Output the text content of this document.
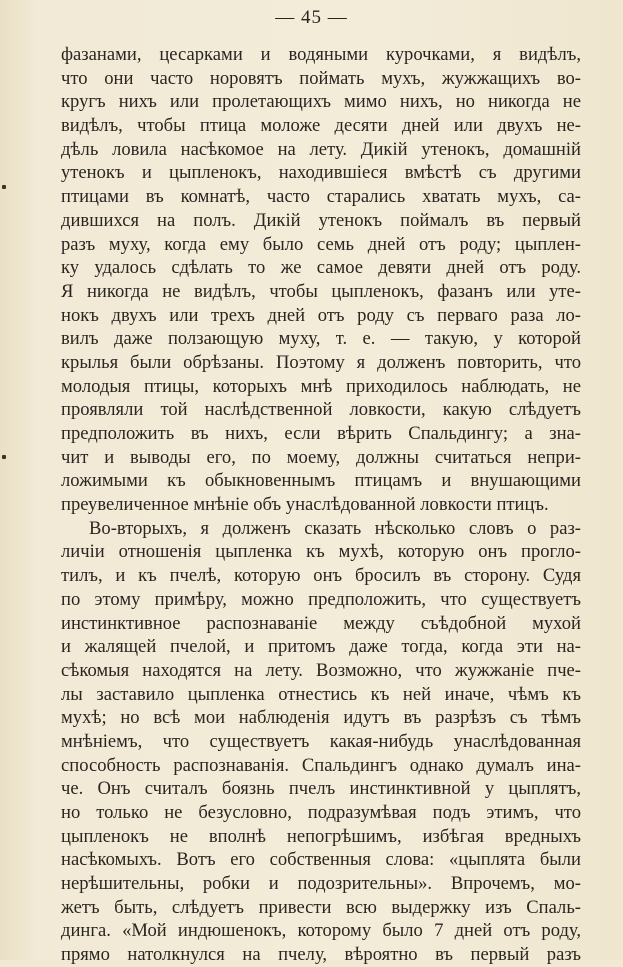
— 45 —
фазанами, цесарками и водяными курочками, я видѣлъ,
что они часто норовятъ поймать мухъ, жужжащихъ во-
кругъ нихъ или пролетающихъ мимо нихъ, но никогда не
видѣлъ, чтобы птица моложе десяти дней или двухъ не-
дѣль ловила насѣкомое на лету. Дикій утенокъ, домашній
утенокъ и цыпленокъ, находившіеся вмѣстѣ съ другими
птицами въ комнатѣ, часто старались хватать мухъ, са-
дившихся на полъ. Дикій утенокъ поймалъ въ первый
разъ муху, когда ему было семь дней отъ роду; цыплен-
ку удалось сдѣлать то же самое девяти дней отъ роду.
Я никогда не видѣлъ, чтобы цыпленокъ, фазанъ или уте-
нокъ двухъ или трехъ дней отъ роду съ перваго раза ло-
вилъ даже ползающую муху, т. е. — такую, у которой
крылья были обрѣзаны. Поэтому я долженъ повторить, что
молодыя птицы, которыхъ мнѣ приходилось наблюдать, не
проявляли той наслѣдственной ловкости, какую слѣдуетъ
предположить въ нихъ, если вѣрить Спальдингу; а зна-
чит и выводы его, по моему, должны считаться непри-
ложимыми къ обыкновеннымъ птицамъ и внушающими
преувеличенное мнѣніе объ унаслѣдованной ловкости птицъ.
Во-вторыхъ, я долженъ сказать нѣсколько словъ о раз-
личіи отношенія цыпленка къ мухѣ, которую онъ проглo-
тилъ, и къ пчелѣ, которую онъ бросилъ въ сторону. Судя
по этому примѣру, можно предположить, что существуетъ
инстинктивное распознаваніе между съѣдобной мухой
и жалящей пчелой, и притомъ даже тогда, когда эти на-
сѣкомыя находятся на лету. Возможно, что жужжаніе пче-
лы заставило цыпленка отнестись къ ней иначе, чѣмъ къ
мухѣ; но всѣ мои наблюденія идутъ въ разрѣзъ съ тѣмъ
мнѣніемъ, что существуетъ какая-нибудь унаслѣдованная
способность распознаванія. Спальдингъ однако думалъ ина-
че. Онъ считалъ боязнь пчелъ инстинктивной у цыплятъ,
но только не безусловно, подразумѣвая подъ этимъ, что
цыпленокъ не вполнѣ непогрѣшимъ, избѣгая вредныхъ
насѣкомыхъ. Вотъ его собственныя слова: «цыплята были
нерѣшительны, робки и подозрительны». Впрочемъ, мо-
жетъ быть, слѣдуетъ привести всю выдержку изъ Спаль-
динга. «Мой индюшенокъ, которому было 7 дней отъ роду,
прямо натолкнулся на пчелу, вѣроятно въ первый разъ
